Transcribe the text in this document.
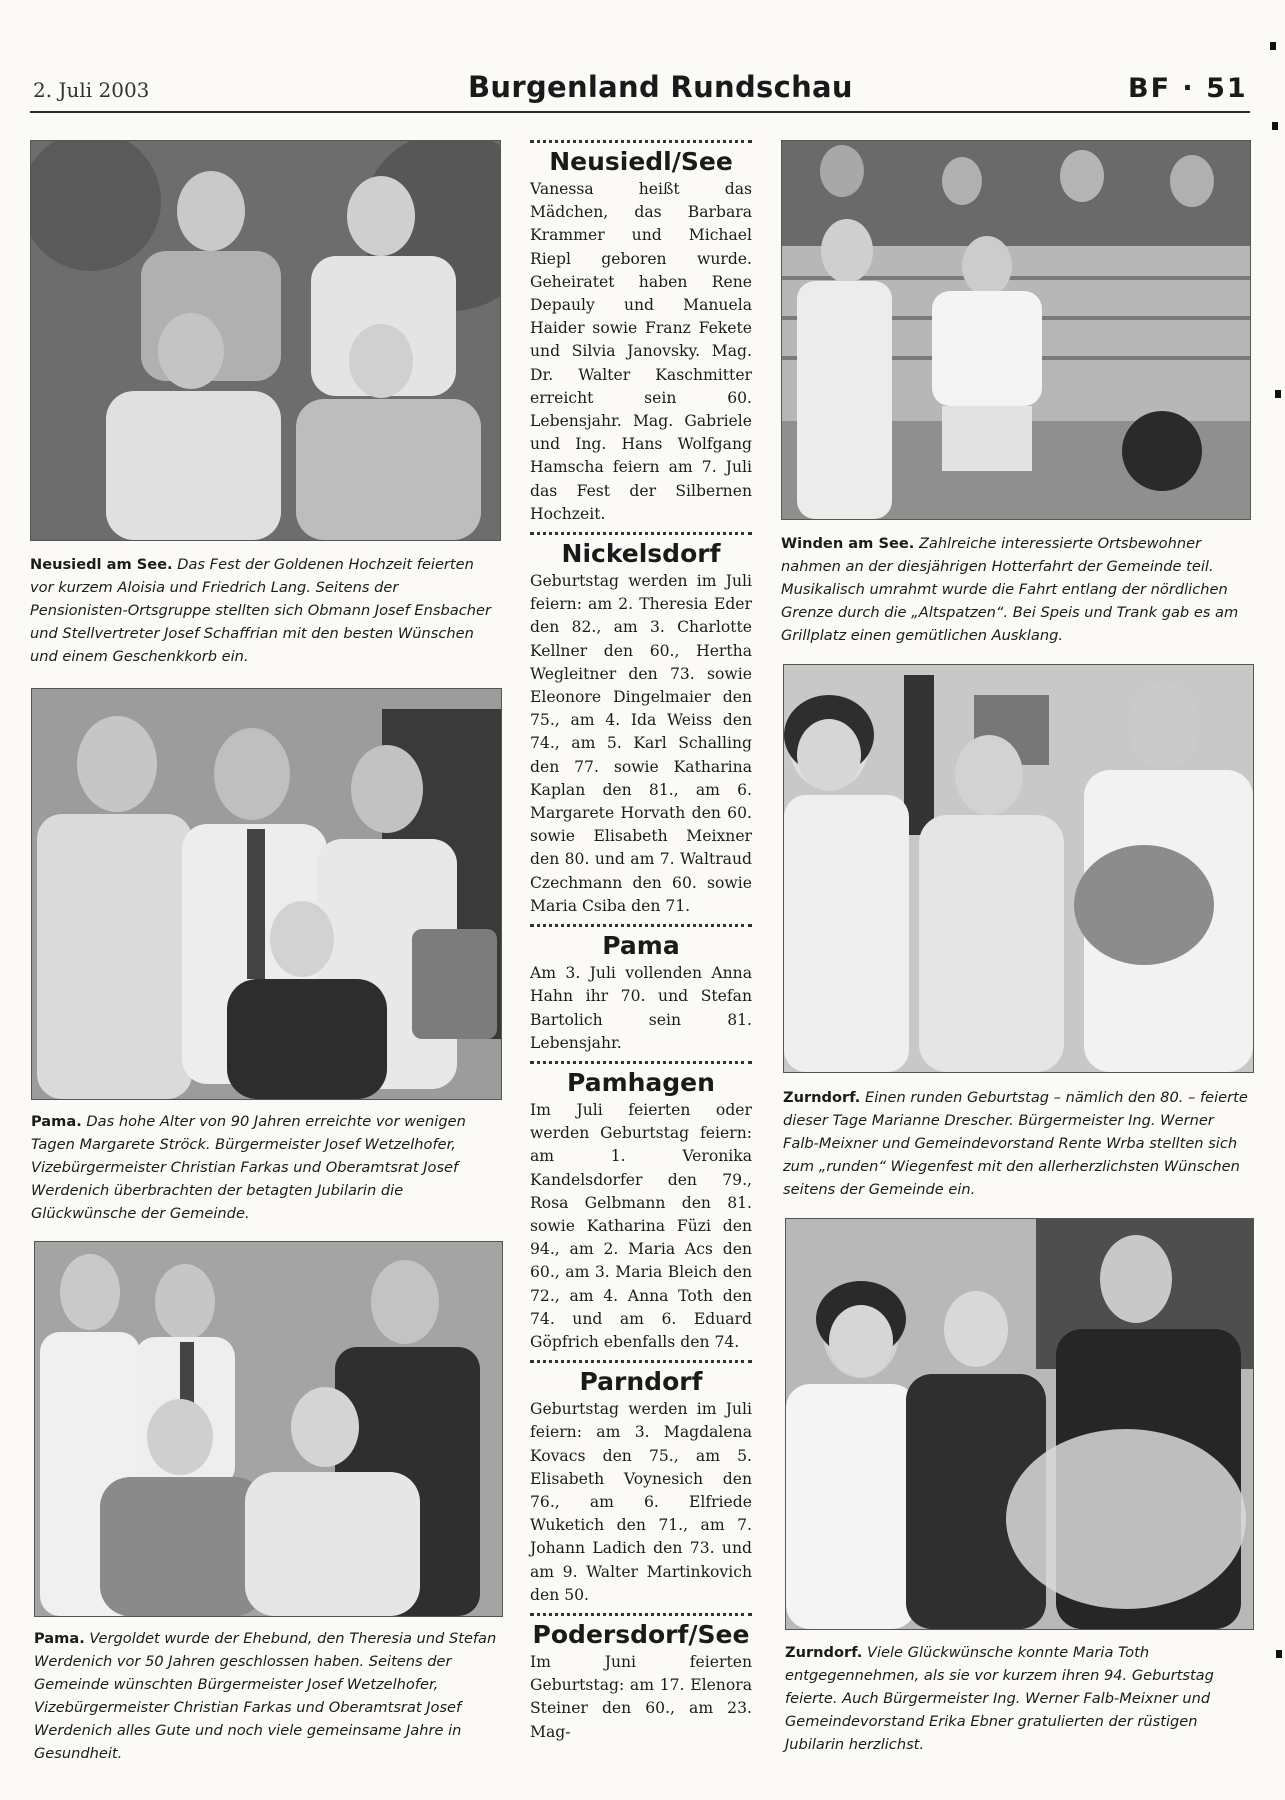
2. Juli 2003	Burgenland Rundschau	BF · 51

Neusiedl am See. Das Fest der Goldenen Hochzeit feierten vor kurzem Aloisia und Friedrich Lang. Seitens der Pensionisten-Ortsgruppe stellten sich Obmann Josef Ensbacher und Stellvertreter Josef Schaffrian mit den besten Wünschen und einem Geschenkkorb ein.

Pama. Das hohe Alter von 90 Jahren erreichte vor wenigen Tagen Margarete Ströck. Bürgermeister Josef Wetzelhofer, Vizebürgermeister Christian Farkas und Oberamtsrat Josef Werdenich überbrachten der betagten Jubilarin die Glückwünsche der Gemeinde.

Pama. Vergoldet wurde der Ehebund, den Theresia und Stefan Werdenich vor 50 Jahren geschlossen haben. Seitens der Gemeinde wünschten Bürgermeister Josef Wetzelhofer, Vizebürgermeister Christian Farkas und Oberamtsrat Josef Werdenich alles Gute und noch viele gemeinsame Jahre in Gesundheit.

Neusiedl/See

Vanessa heißt das Mädchen, das Barbara Krammer und Michael Riepl geboren wurde. Geheiratet haben Rene Depauly und Manuela Haider sowie Franz Fekete und Silvia Janovsky. Mag. Dr. Walter Kaschmitter erreicht sein 60. Lebensjahr. Mag. Gabriele und Ing. Hans Wolfgang Hamscha feiern am 7. Juli das Fest der Silbernen Hochzeit.

Nickelsdorf

Geburtstag werden im Juli feiern: am 2. Theresia Eder den 82., am 3. Charlotte Kellner den 60., Hertha Wegleitner den 73. sowie Eleonore Dingelmaier den 75., am 4. Ida Weiss den 74., am 5. Karl Schalling den 77. sowie Katharina Kaplan den 81., am 6. Margarete Horvath den 60. sowie Elisabeth Meixner den 80. und am 7. Waltraud Czechmann den 60. sowie Maria Csiba den 71.

Pama

Am 3. Juli vollenden Anna Hahn ihr 70. und Stefan Bartolich sein 81. Lebensjahr.

Pamhagen

Im Juli feierten oder werden Geburtstag feiern: am 1. Veronika Kandelsdorfer den 79., Rosa Gelbmann den 81. sowie Katharina Füzi den 94., am 2. Maria Acs den 60., am 3. Maria Bleich den 72., am 4. Anna Toth den 74. und am 6. Eduard Göpfrich ebenfalls den 74.

Parndorf

Geburtstag werden im Juli feiern: am 3. Magdalena Kovacs den 75., am 5. Elisabeth Voynesich den 76., am 6. Elfriede Wuketich den 71., am 7. Johann Ladich den 73. und am 9. Walter Martinkovich den 50.

Podersdorf/See

Im Juni feierten Geburtstag: am 17. Elenora Steiner den 60., am 23. Mag-

Winden am See. Zahlreiche interessierte Ortsbewohner nahmen an der diesjährigen Hotterfahrt der Gemeinde teil. Musikalisch umrahmt wurde die Fahrt entlang der nördlichen Grenze durch die „Altspatzen“. Bei Speis und Trank gab es am Grillplatz einen gemütlichen Ausklang.

Zurndorf. Einen runden Geburtstag – nämlich den 80. – feierte dieser Tage Marianne Drescher. Bürgermeister Ing. Werner Falb-Meixner und Gemeindevorstand Rente Wrba stellten sich zum „runden“ Wiegenfest mit den allerherzlichsten Wünschen seitens der Gemeinde ein.

Zurndorf. Viele Glückwünsche konnte Maria Toth entgegennehmen, als sie vor kurzem ihren 94. Geburtstag feierte. Auch Bürgermeister Ing. Werner Falb-Meixner und Gemeindevorstand Erika Ebner gratulierten der rüstigen Jubilarin herzlichst.
